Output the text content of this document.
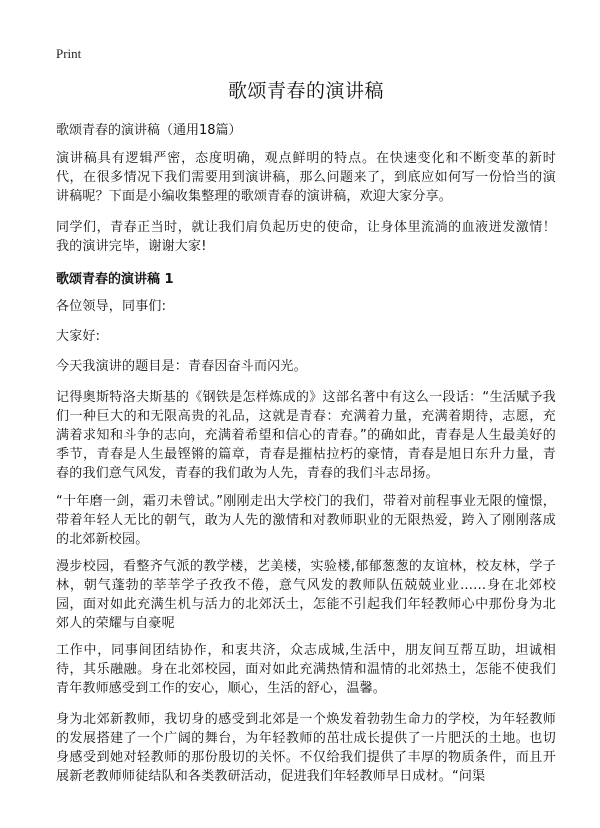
Print
歌颂青春的演讲稿

歌颂青春的演讲稿（通用18篇）

演讲稿具有逻辑严密，态度明确，观点鲜明的特点。在快速变化和不断变革的新时代，在很多情况下我们需要用到演讲稿，那么问题来了，到底应如何写一份恰当的演讲稿呢？下面是小编收集整理的歌颂青春的演讲稿，欢迎大家分享。

同学们，青春正当时，就让我们肩负起历史的使命，让身体里流淌的血液迸发激情！ 我的演讲完毕，谢谢大家!

歌颂青春的演讲稿 1

各位领导，同事们:

大家好:

今天我演讲的题目是：青春因奋斗而闪光。

记得奥斯特洛夫斯基的《钢铁是怎样炼成的》这部名著中有这么一段话：“生活赋予我们一种巨大的和无限高贵的礼品，这就是青春：充满着力量，充满着期待，志愿，充满着求知和斗争的志向，充满着希望和信心的青春。”的确如此，青春是人生最美好的季节，青春是人生最铿锵的篇章，青春是摧枯拉朽的豪情，青春是旭日东升力量，青春的我们意气风发，青春的我们敢为人先，青春的我们斗志昂扬。

“十年磨一剑，霜刃未曾试。”刚刚走出大学校门的我们，带着对前程事业无限的憧憬，带着年轻人无比的朝气，敢为人先的激情和对教师职业的无限热爱，跨入了刚刚落成的北郊新校园。

漫步校园，看整齐气派的教学楼，艺美楼，实验楼,郁郁葱葱的友谊林，校友林，学子林，朝气蓬勃的莘莘学子孜孜不倦，意气风发的教师队伍兢兢业业……身在北郊校园，面对如此充满生机与活力的北郊沃土，怎能不引起我们年轻教师心中那份身为北郊人的荣耀与自豪呢

工作中，同事间团结协作，和衷共济，众志成城,生活中，朋友间互帮互助，坦诚相待，其乐融融。身在北郊校园，面对如此充满热情和温情的北郊热土，怎能不使我们青年教师感受到工作的安心，顺心，生活的舒心，温馨。

身为北郊新教师，我切身的感受到北郊是一个焕发着勃勃生命力的学校，为年轻教师的发展搭建了一个广阔的舞台，为年轻教师的茁壮成长提供了一片肥沃的土地。也切身感受到她对轻教师的那份殷切的关怀。不仅给我们提供了丰厚的物质条件，而且开展新老教师师徒结队和各类教研活动，促进我们年轻教师早日成材。“问渠
